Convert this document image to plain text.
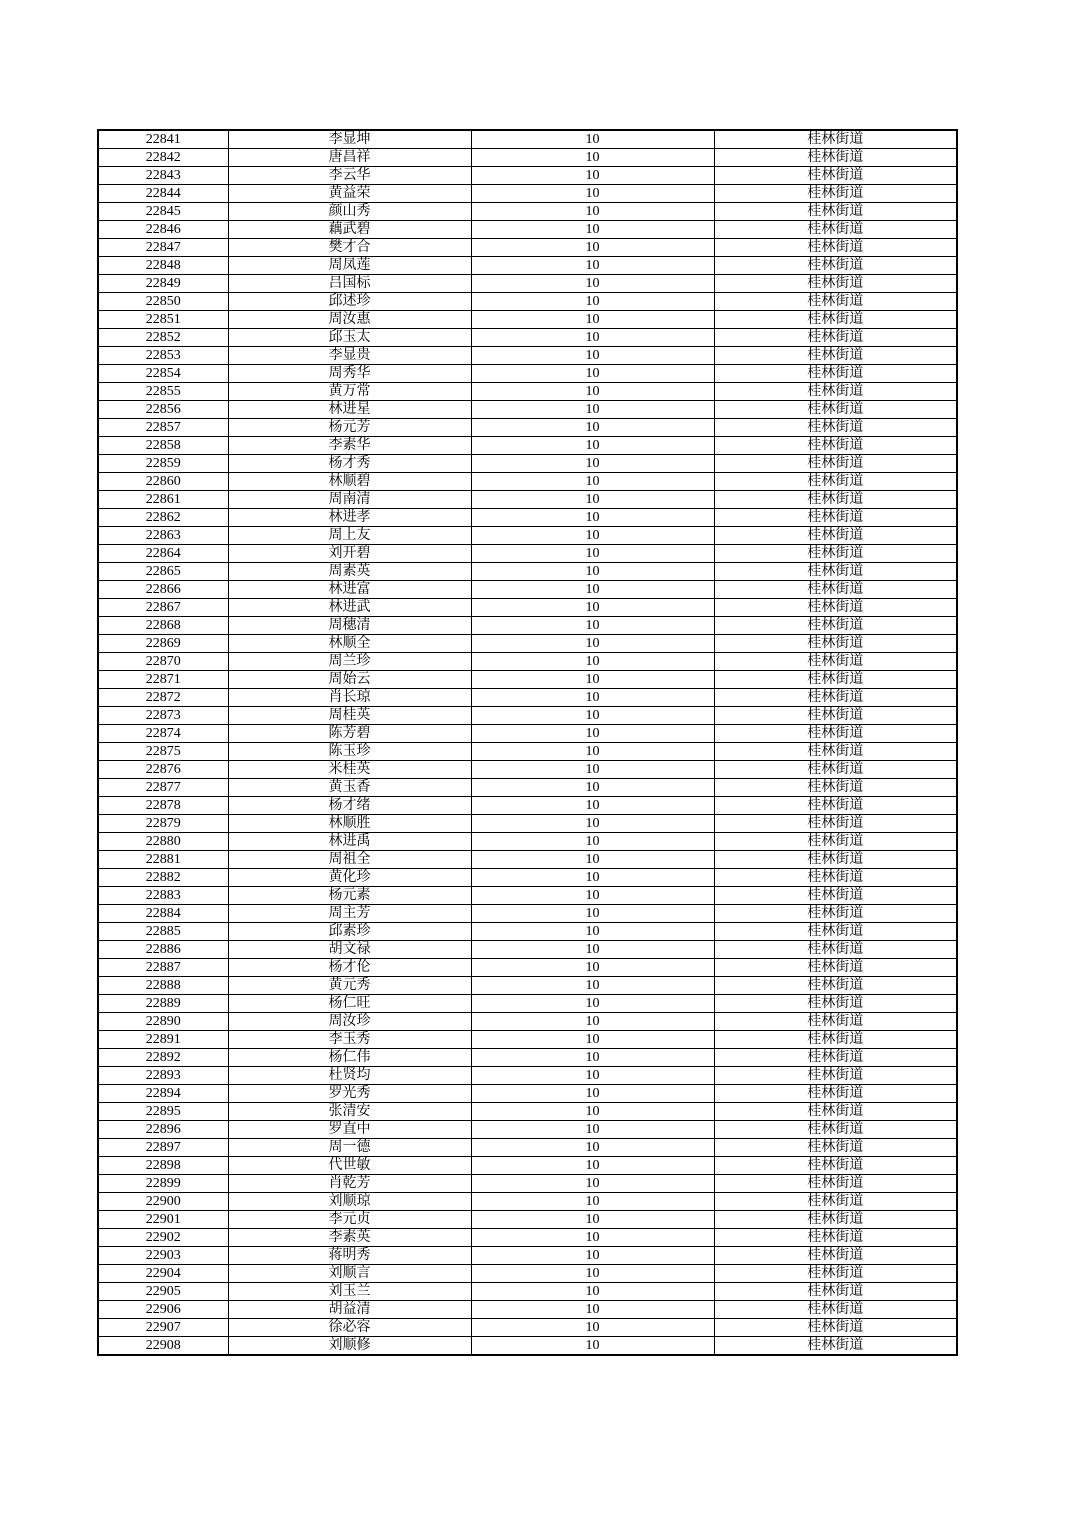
22841	李显坤	10	桂林街道
22842	唐昌祥	10	桂林街道
22843	李云华	10	桂林街道
22844	黄益荣	10	桂林街道
22845	颜山秀	10	桂林街道
22846	藕武碧	10	桂林街道
22847	樊才合	10	桂林街道
22848	周凤莲	10	桂林街道
22849	吕国标	10	桂林街道
22850	邱述珍	10	桂林街道
22851	周汝惠	10	桂林街道
22852	邱玉太	10	桂林街道
22853	李显贵	10	桂林街道
22854	周秀华	10	桂林街道
22855	黄万常	10	桂林街道
22856	林进星	10	桂林街道
22857	杨元芳	10	桂林街道
22858	李素华	10	桂林街道
22859	杨才秀	10	桂林街道
22860	林顺碧	10	桂林街道
22861	周南清	10	桂林街道
22862	林进孝	10	桂林街道
22863	周上友	10	桂林街道
22864	刘开碧	10	桂林街道
22865	周素英	10	桂林街道
22866	林进富	10	桂林街道
22867	林进武	10	桂林街道
22868	周穗清	10	桂林街道
22869	林顺全	10	桂林街道
22870	周兰珍	10	桂林街道
22871	周始云	10	桂林街道
22872	肖长琼	10	桂林街道
22873	周桂英	10	桂林街道
22874	陈芳碧	10	桂林街道
22875	陈玉珍	10	桂林街道
22876	米桂英	10	桂林街道
22877	黄玉香	10	桂林街道
22878	杨才绪	10	桂林街道
22879	林顺胜	10	桂林街道
22880	林进禹	10	桂林街道
22881	周祖全	10	桂林街道
22882	黄化珍	10	桂林街道
22883	杨元素	10	桂林街道
22884	周主芳	10	桂林街道
22885	邱素珍	10	桂林街道
22886	胡文禄	10	桂林街道
22887	杨才伦	10	桂林街道
22888	黄元秀	10	桂林街道
22889	杨仁旺	10	桂林街道
22890	周汝珍	10	桂林街道
22891	李玉秀	10	桂林街道
22892	杨仁伟	10	桂林街道
22893	杜贤均	10	桂林街道
22894	罗光秀	10	桂林街道
22895	张清安	10	桂林街道
22896	罗直中	10	桂林街道
22897	周一德	10	桂林街道
22898	代世敏	10	桂林街道
22899	肖乾芳	10	桂林街道
22900	刘顺琼	10	桂林街道
22901	李元贞	10	桂林街道
22902	李素英	10	桂林街道
22903	蒋明秀	10	桂林街道
22904	刘顺言	10	桂林街道
22905	刘玉兰	10	桂林街道
22906	胡益清	10	桂林街道
22907	徐必容	10	桂林街道
22908	刘顺修	10	桂林街道
